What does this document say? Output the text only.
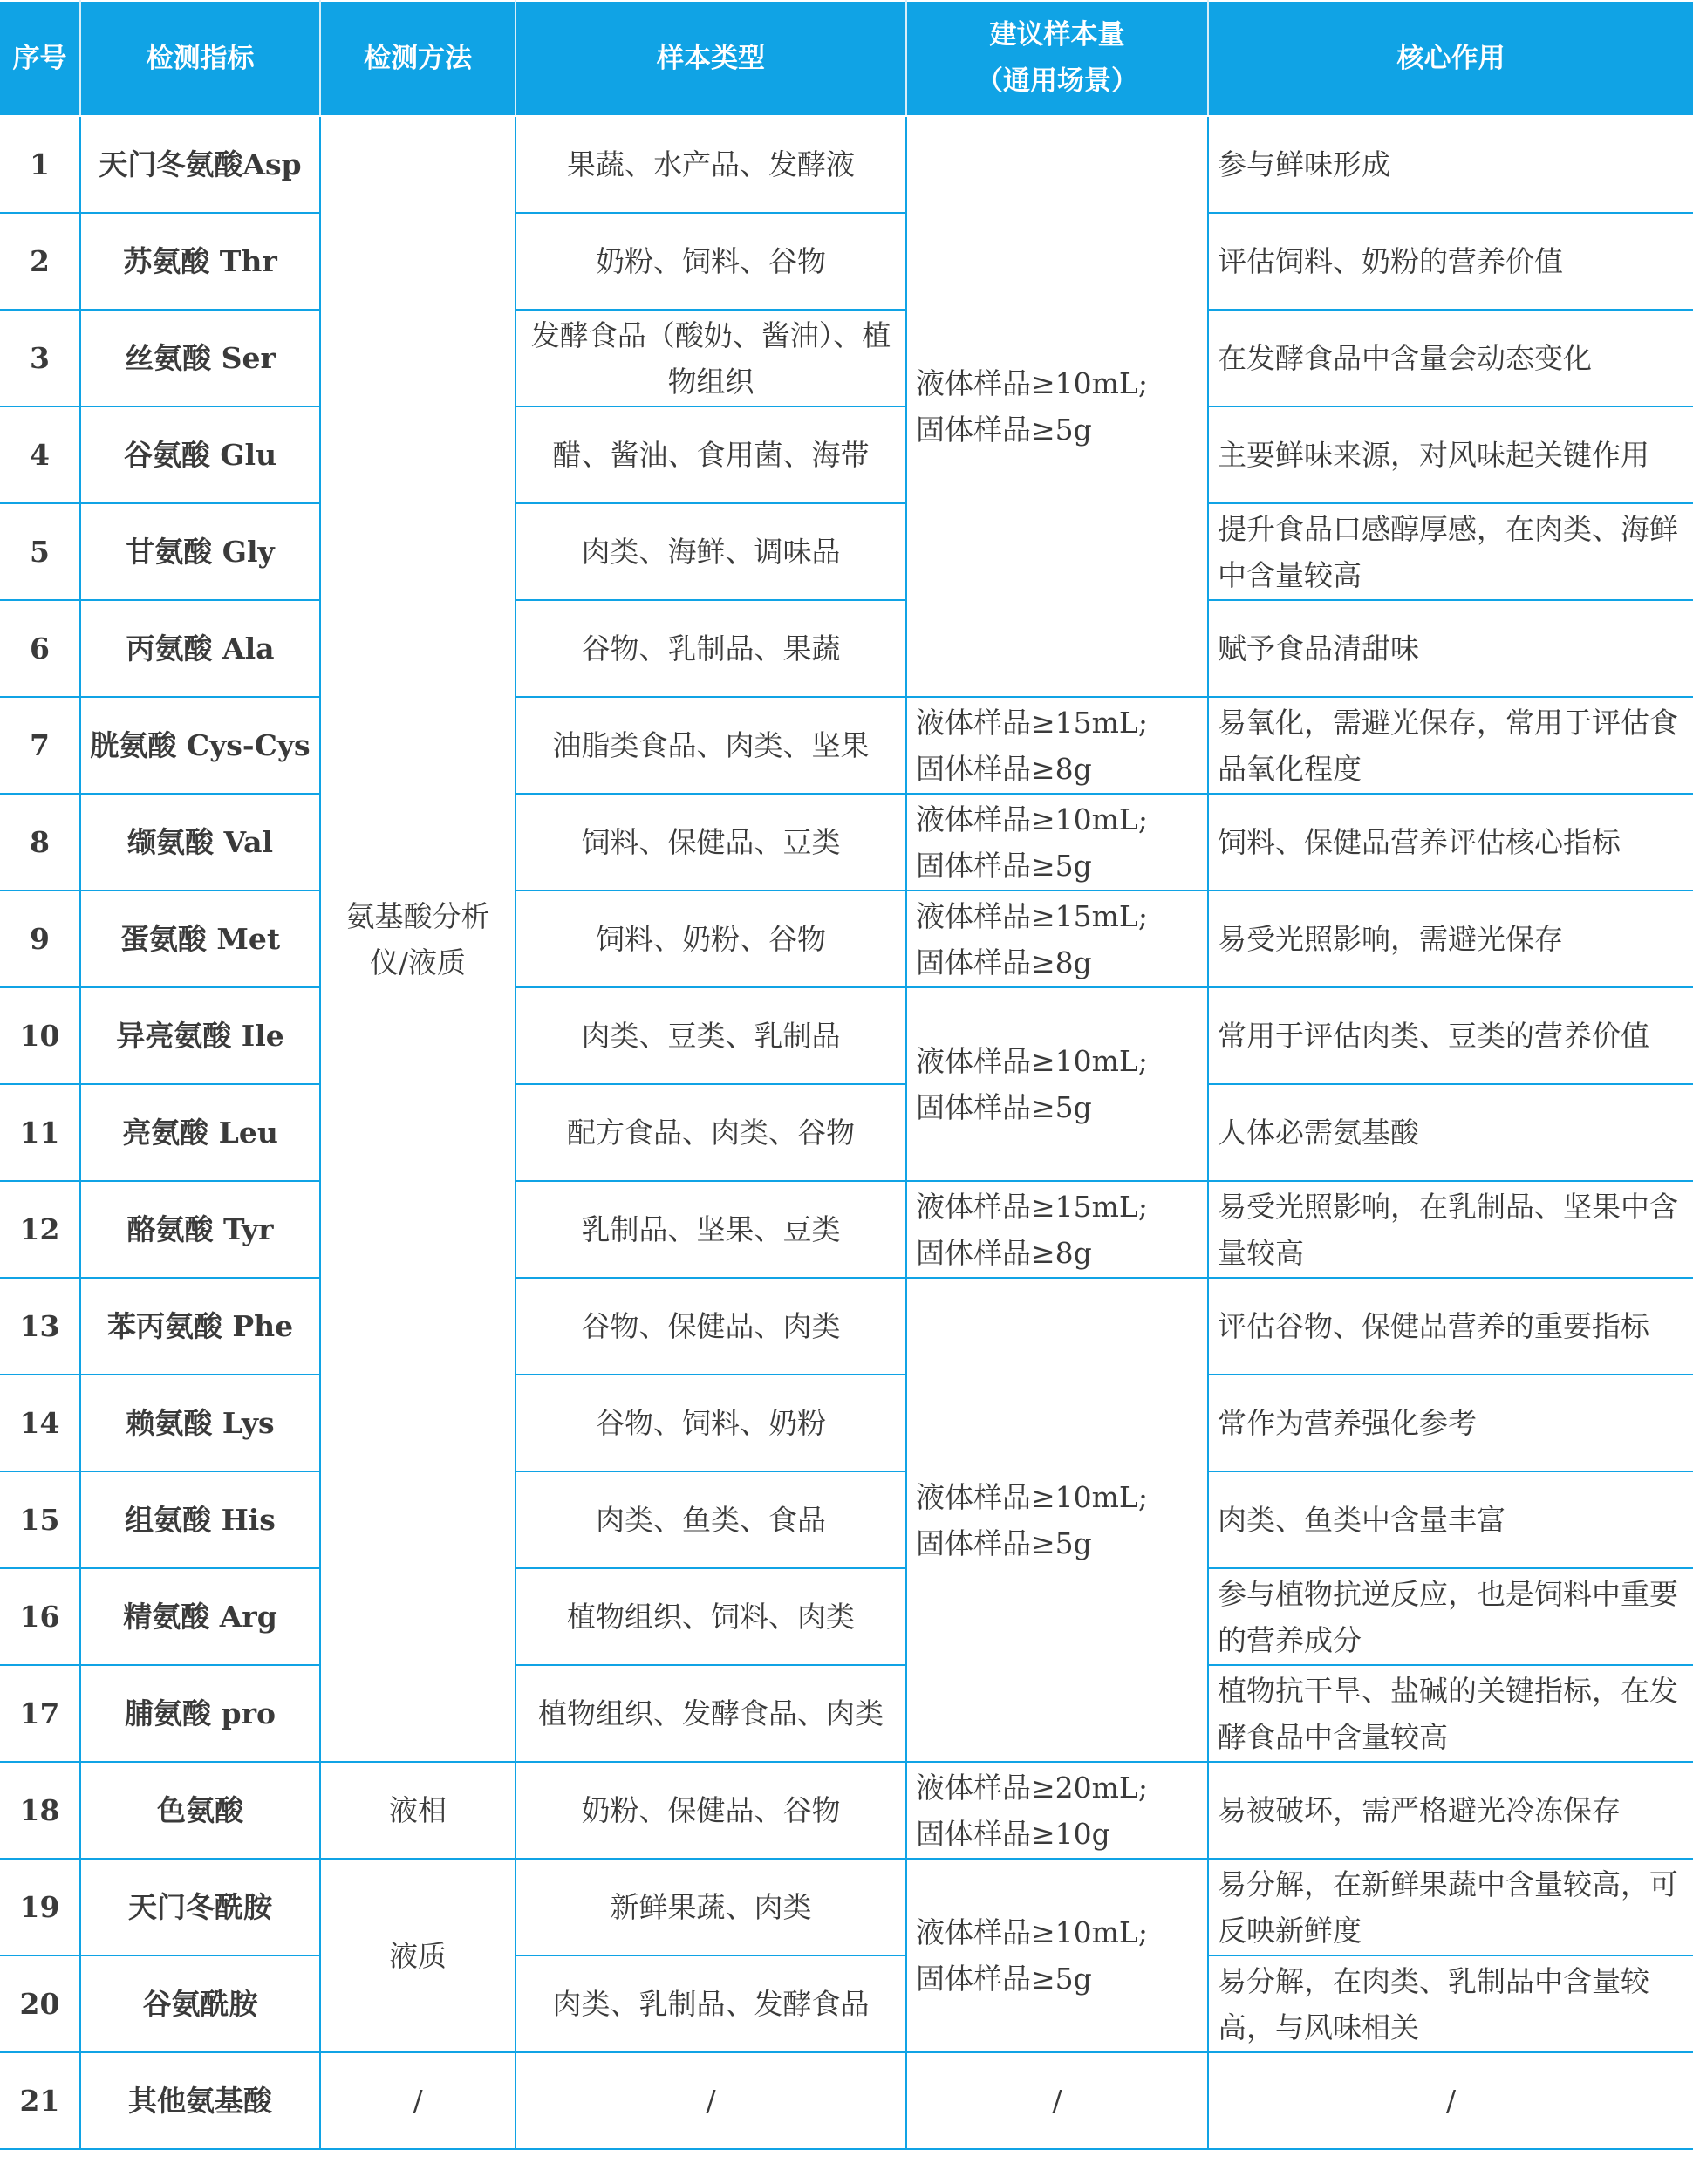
序号	检测指标	检测方法	样本类型	建议样本量
（通用场景）	核心作用
1	天门冬氨酸Asp	氨基酸分析仪/液质	果蔬、水产品、发酵液	液体样品≥10mL;
固体样品≥5g	参与鲜味形成
2	苏氨酸 Thr		奶粉、饲料、谷物		评估饲料、奶粉的营养价值
3	丝氨酸 Ser		发酵食品（酸奶、酱油）、植物组织		在发酵食品中含量会动态变化
4	谷氨酸 Glu		醋、酱油、食用菌、海带		主要鲜味来源，对风味起关键作用
5	甘氨酸 Gly		肉类、海鲜、调味品		提升食品口感醇厚感，在肉类、海鲜中含量较高
6	丙氨酸 Ala		谷物、乳制品、果蔬		赋予食品清甜味
7	胱氨酸 Cys-Cys		油脂类食品、肉类、坚果	液体样品≥15mL;
固体样品≥8g	易氧化，需避光保存，常用于评估食品氧化程度
8	缬氨酸 Val		饲料、保健品、豆类	液体样品≥10mL;
固体样品≥5g	饲料、保健品营养评估核心指标
9	蛋氨酸 Met		饲料、奶粉、谷物	液体样品≥15mL;
固体样品≥8g	易受光照影响，需避光保存
10	异亮氨酸 Ile		肉类、豆类、乳制品	液体样品≥10mL;
固体样品≥5g	常用于评估肉类、豆类的营养价值
11	亮氨酸 Leu		配方食品、肉类、谷物		人体必需氨基酸
12	酪氨酸 Tyr		乳制品、坚果、豆类	液体样品≥15mL;
固体样品≥8g	易受光照影响，在乳制品、坚果中含量较高
13	苯丙氨酸 Phe		谷物、保健品、肉类	液体样品≥10mL;
固体样品≥5g	评估谷物、保健品营养的重要指标
14	赖氨酸 Lys		谷物、饲料、奶粉		常作为营养强化参考
15	组氨酸 His		肉类、鱼类、食品		肉类、鱼类中含量丰富
16	精氨酸 Arg		植物组织、饲料、肉类		参与植物抗逆反应，也是饲料中重要的营养成分
17	脯氨酸 pro		植物组织、发酵食品、肉类		植物抗干旱、盐碱的关键指标，在发酵食品中含量较高
18	色氨酸	液相	奶粉、保健品、谷物	液体样品≥20mL;
固体样品≥10g	易被破坏，需严格避光冷冻保存
19	天门冬酰胺	液质	新鲜果蔬、肉类	液体样品≥10mL;
固体样品≥5g	易分解，在新鲜果蔬中含量较高，可反映新鲜度
20	谷氨酰胺		肉类、乳制品、发酵食品		易分解，在肉类、乳制品中含量较高，与风味相关
21	其他氨基酸	/	/	/	/
